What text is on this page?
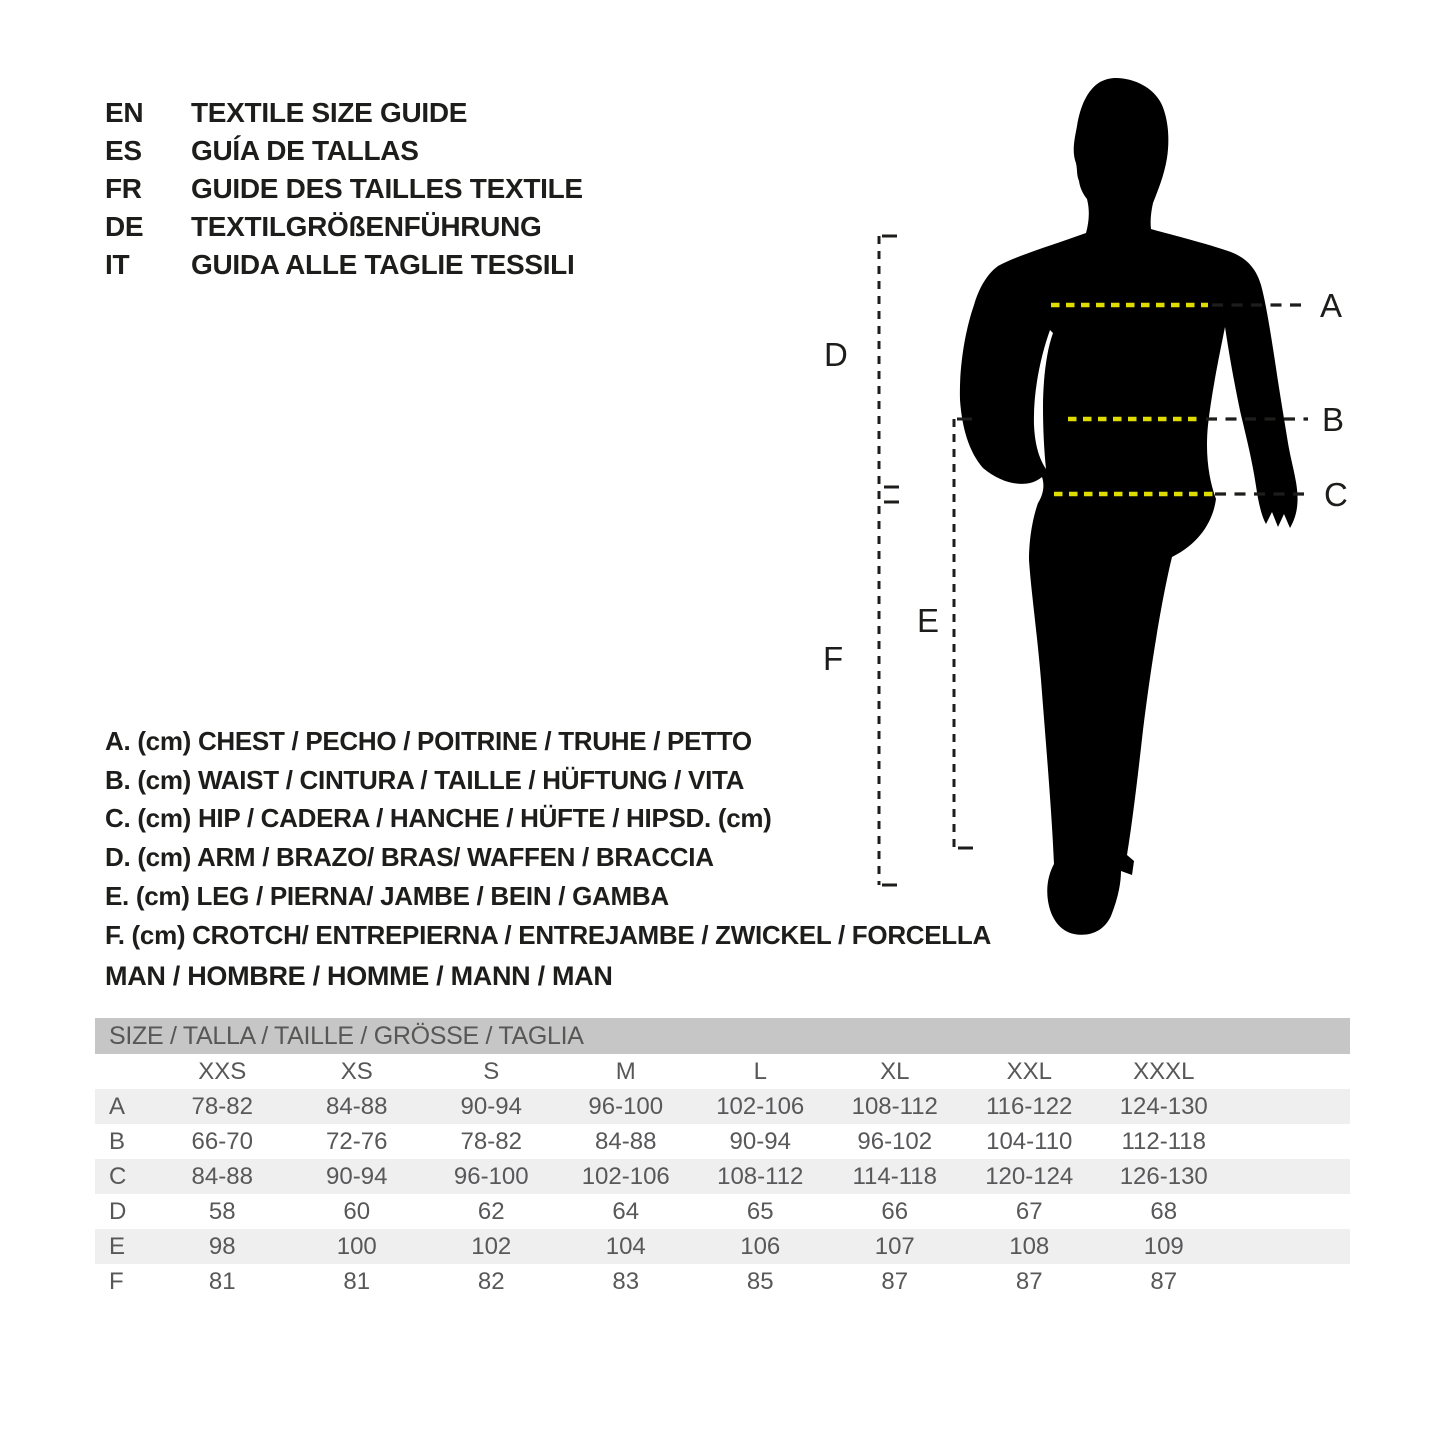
EN	TEXTILE SIZE GUIDE
ES	GUÍA DE TALLAS
FR	GUIDE DES TAILLES TEXTILE
DE	TEXTILGRÖßENFÜHRUNG
IT	GUIDA ALLE TAGLIE TESSILI
A
B
C
D
E
F
A. (cm) CHEST / PECHO / POITRINE / TRUHE / PETTO
B. (cm) WAIST / CINTURA / TAILLE / HÜFTUNG / VITA
C. (cm) HIP / CADERA / HANCHE / HÜFTE / HIPSD. (cm)
D. (cm) ARM / BRAZO/ BRAS/ WAFFEN / BRACCIA
E. (cm) LEG / PIERNA/ JAMBE / BEIN / GAMBA
F. (cm) CROTCH/ ENTREPIERNA / ENTREJAMBE / ZWICKEL / FORCELLA
MAN / HOMBRE / HOMME / MANN / MAN
SIZE / TALLA / TAILLE / GRÖSSE / TAGLIA
XXS	XS	S	M	L	XL	XXL	XXXL
A	78-82	84-88	90-94	96-100	102-106	108-112	116-122	124-130
B	66-70	72-76	78-82	84-88	90-94	96-102	104-110	112-118
C	84-88	90-94	96-100	102-106	108-112	114-118	120-124	126-130
D	58	60	62	64	65	66	67	68
E	98	100	102	104	106	107	108	109
F	81	81	82	83	85	87	87	87
